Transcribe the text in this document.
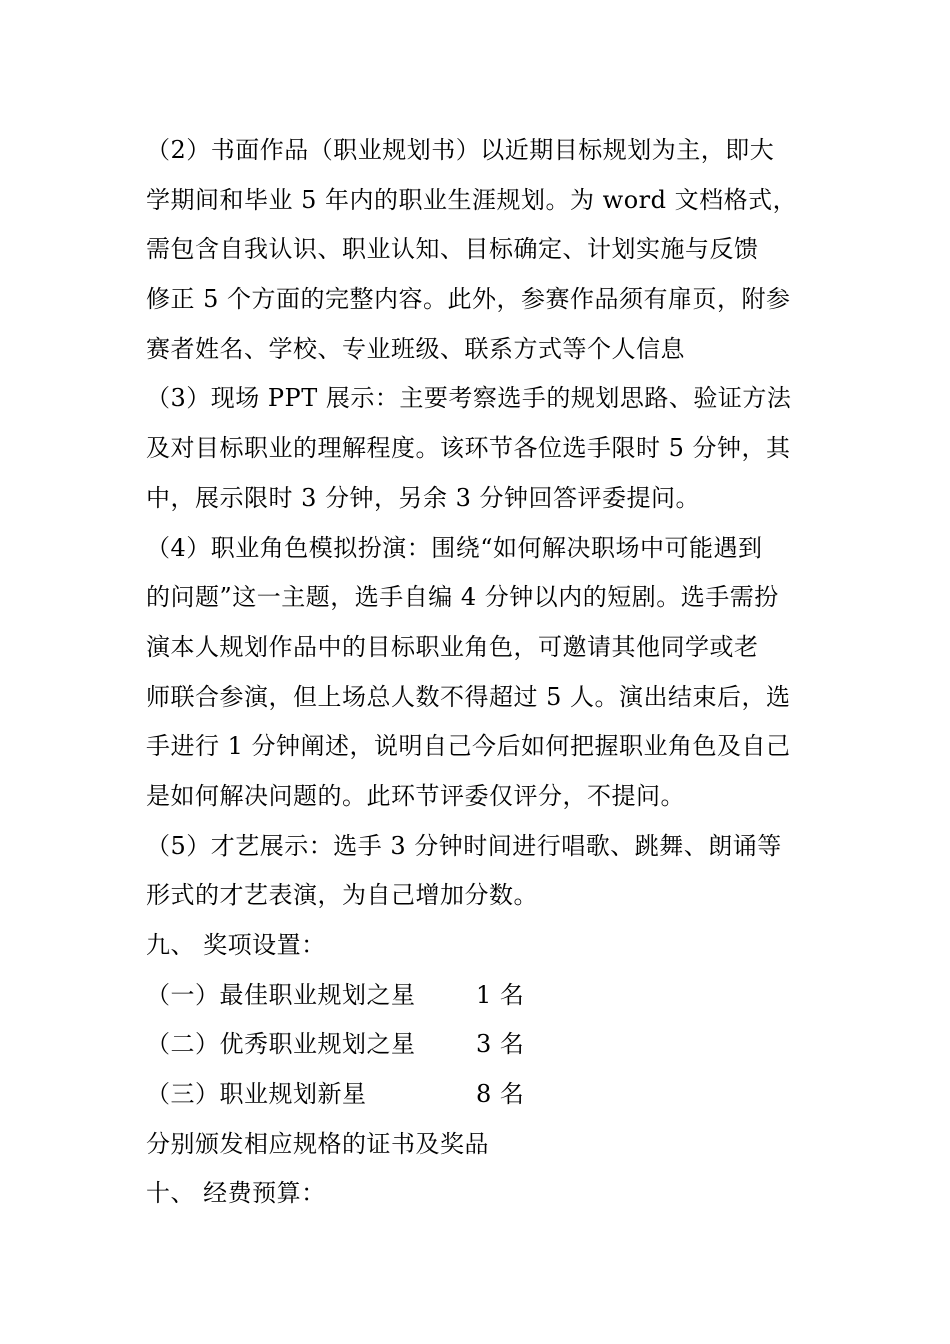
（2）书面作品（职业规划书）以近期目标规划为主，即大
学期间和毕业 5 年内的职业生涯规划。为 word 文档格式，
需包含自我认识、职业认知、目标确定、计划实施与反馈
修正 5 个方面的完整内容。此外，参赛作品须有扉页，附参
赛者姓名、学校、专业班级、联系方式等个人信息
（3）现场 PPT 展示：主要考察选手的规划思路、验证方法
及对目标职业的理解程度。该环节各位选手限时 5 分钟，其
中，展示限时 3 分钟，另余 3 分钟回答评委提问。
（4）职业角色模拟扮演：围绕“如何解决职场中可能遇到
的问题”这一主题，选手自编 4 分钟以内的短剧。选手需扮
演本人规划作品中的目标职业角色，可邀请其他同学或老
师联合参演，但上场总人数不得超过 5 人。演出结束后，选
手进行 1 分钟阐述，说明自己今后如何把握职业角色及自己
是如何解决问题的。此环节评委仅评分，不提问。
（5）才艺展示：选手 3 分钟时间进行唱歌、跳舞、朗诵等
形式的才艺表演，为自己增加分数。
九、 奖项设置：
（一）最佳职业规划之星	1 名
（二）优秀职业规划之星	3 名
（三）职业规划新星	8 名
分别颁发相应规格的证书及奖品
十、 经费预算：
